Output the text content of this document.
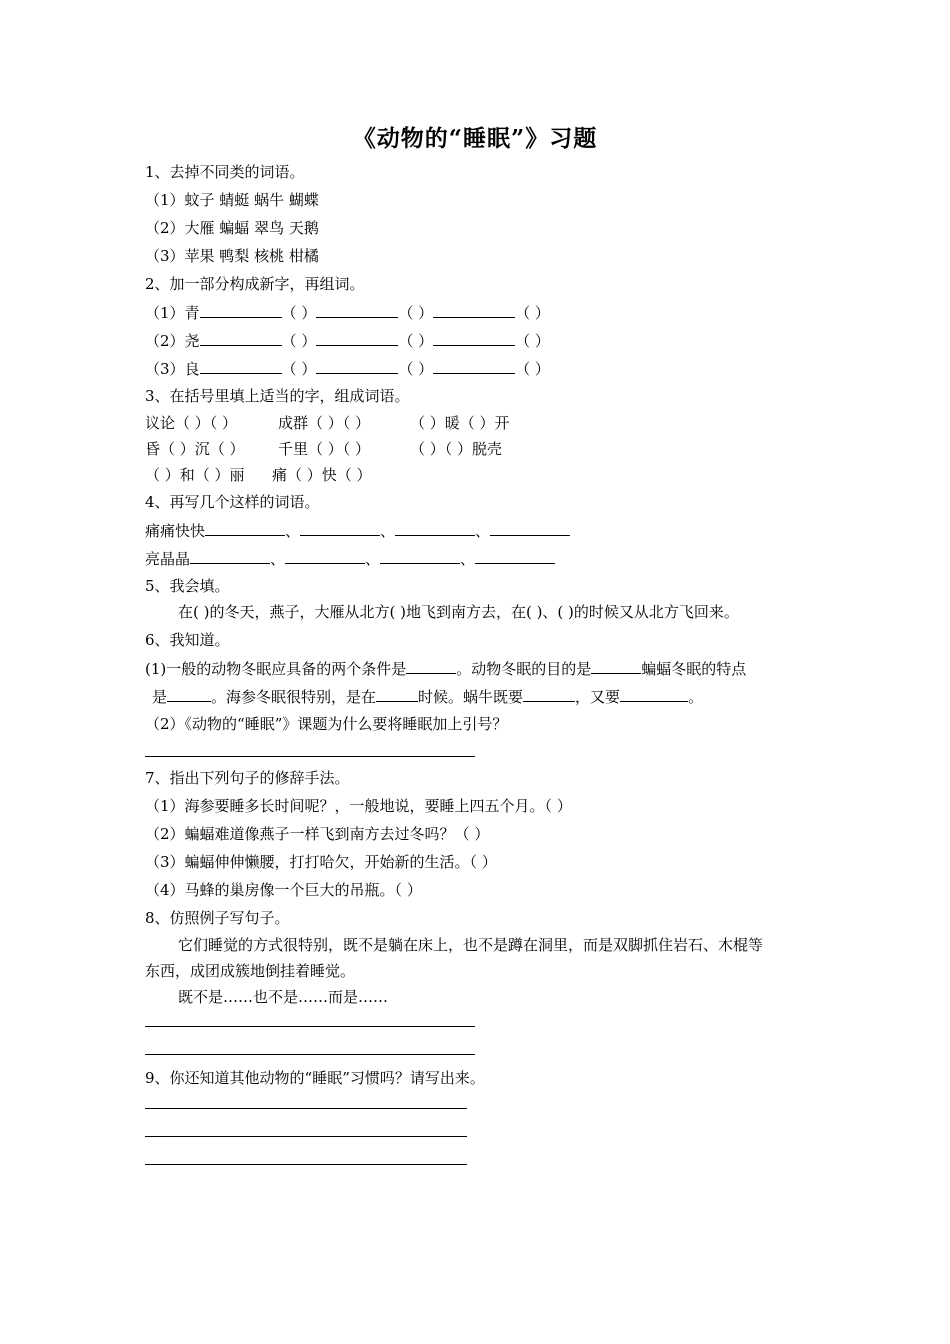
《动物的“睡眠”》习题
1、去掉不同类的词语。
（1）蚊子 蜻蜓 蜗牛 蝴蝶
（2）大雁 蝙蝠 翠鸟 天鹅
（3）苹果 鸭梨 核桃 柑橘
2、加一部分构成新字，再组词。
（1）青	（ ）	（ ）	（ ）
（2）尧	（ ）	（ ）	（ ）
（3）良	（ ）	（ ）	（ ）
3、在括号里填上适当的字，组成词语。
议论（ ）（ ）	成群（ ）（ ）	（ ）暖（ ）开
昏（ ）沉（ ） 千里（ ）（ ）	（ ）（ ）脱壳
（ ）和（ ）丽 痛（ ）快（ ）
4、再写几个这样的词语。
痛痛快快	、	、	、
亮晶晶	、	、	、
5、我会填。
在( )的冬天，燕子，大雁从北方( )地飞到南方去，在( )、( )的时候又从北方飞回来。
6、我知道。
(1)一般的动物冬眠应具备的两个条件是	。动物冬眠的目的是	蝙蝠冬眠的特点
是	。海参冬眠很特别，是在	时候。蜗牛既要	，又要	。
（2）《动物的“睡眠”》课题为什么要将睡眠加上引号？
7、指出下列句子的修辞手法。
（1）海参要睡多长时间呢？，一般地说，要睡上四五个月。（ ）
（2）蝙蝠难道像燕子一样飞到南方去过冬吗？（ ）
（3）蝙蝠伸伸懒腰，打打哈欠，开始新的生活。（ ）
（4）马蜂的巢房像一个巨大的吊瓶。（ ）
8、仿照例子写句子。
它们睡觉的方式很特别，既不是躺在床上，也不是蹲在洞里，而是双脚抓住岩石、木棍等
东西，成团成簇地倒挂着睡觉。
既不是……也不是……而是……
9、你还知道其他动物的“睡眠”习惯吗？请写出来。
